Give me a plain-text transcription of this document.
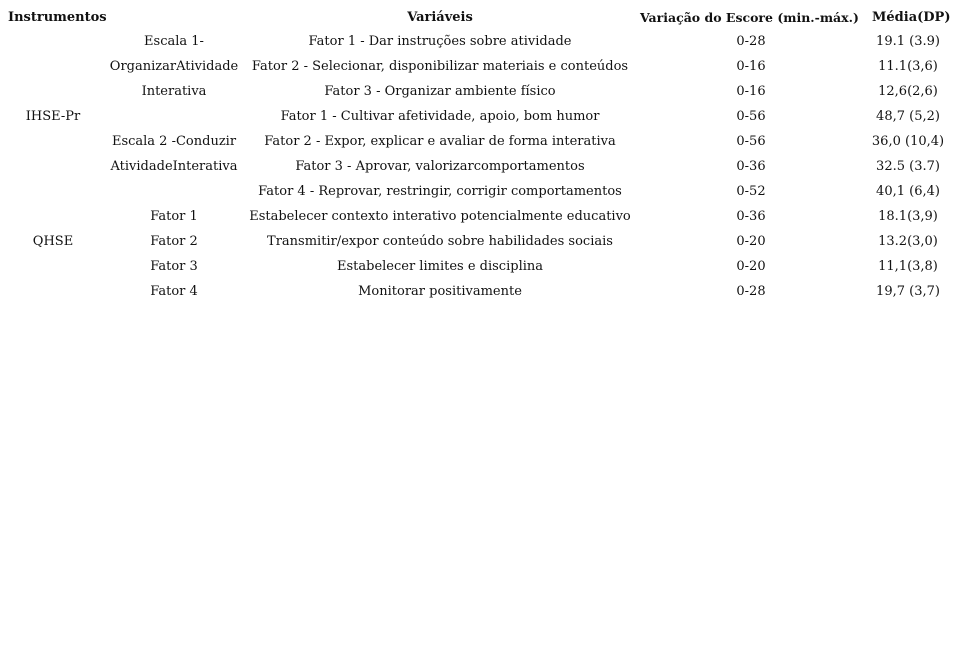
Instrumentos	Variáveis	Variação do Escore (min.-máx.) Média(DP)
IHSE-Pr
QHSE
Escala 1-
OrganizarAtividade
Interativa
Escala 2 -Conduzir
AtividadeInterativa
Fator 1
Fator 2
Fator 3
Fator 4
Fator 1 - Dar instruções sobre atividade
Fator 2 - Selecionar, disponibilizar materiais e conteúdos
Fator 3 - Organizar ambiente físico
Fator 1 - Cultivar afetividade, apoio, bom humor
Fator 2 - Expor, explicar e avaliar de forma interativa
Fator 3 - Aprovar, valorizarcomportamentos
Fator 4 - Reprovar, restringir, corrigir comportamentos
Estabelecer contexto interativo potencialmente educativo
Transmitir/expor conteúdo sobre habilidades sociais
Estabelecer limites e disciplina
Monitorar positivamente
0-28
0-16
0-16
0-56
0-56
0-36
0-52
0-36
0-20
0-20
0-28
19.1 (3.9)
11.1(3,6)
12,6(2,6)
48,7 (5,2)
36,0 (10,4)
32.5 (3.7)
40,1 (6,4)
18.1(3,9)
13.2(3,0)
11,1(3,8)
19,7 (3,7)
